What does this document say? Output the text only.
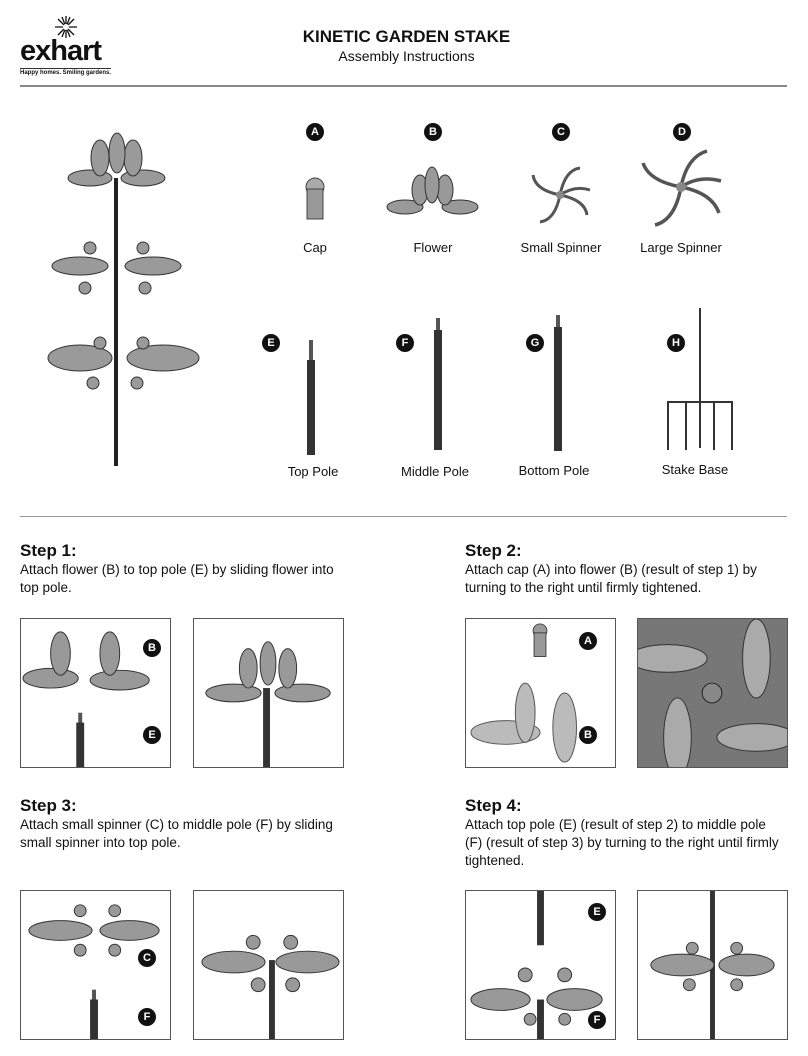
exhart
Happy homes. Smiling gardens.
KINETIC GARDEN STAKE
Assembly Instructions
A	B	C	D
Cap	Flower	Small Spinner	Large Spinner
E	F	G	H
Top Pole	Middle Pole	Bottom Pole	Stake Base
Step 1:
Attach flower (B) to top pole (E) by sliding flower into top pole.
Step 2:
Attach cap (A) into flower (B) (result of step 1) by turning to the right until firmly tightened.
Step 3:
Attach small spinner (C) to middle pole (F) by sliding small spinner into top pole.
Step 4:
Attach top pole (E) (result of step 2) to middle pole (F) (result of step 3) by turning to the right until firmly tightened.
B
E
A
B
C
F
E
F
